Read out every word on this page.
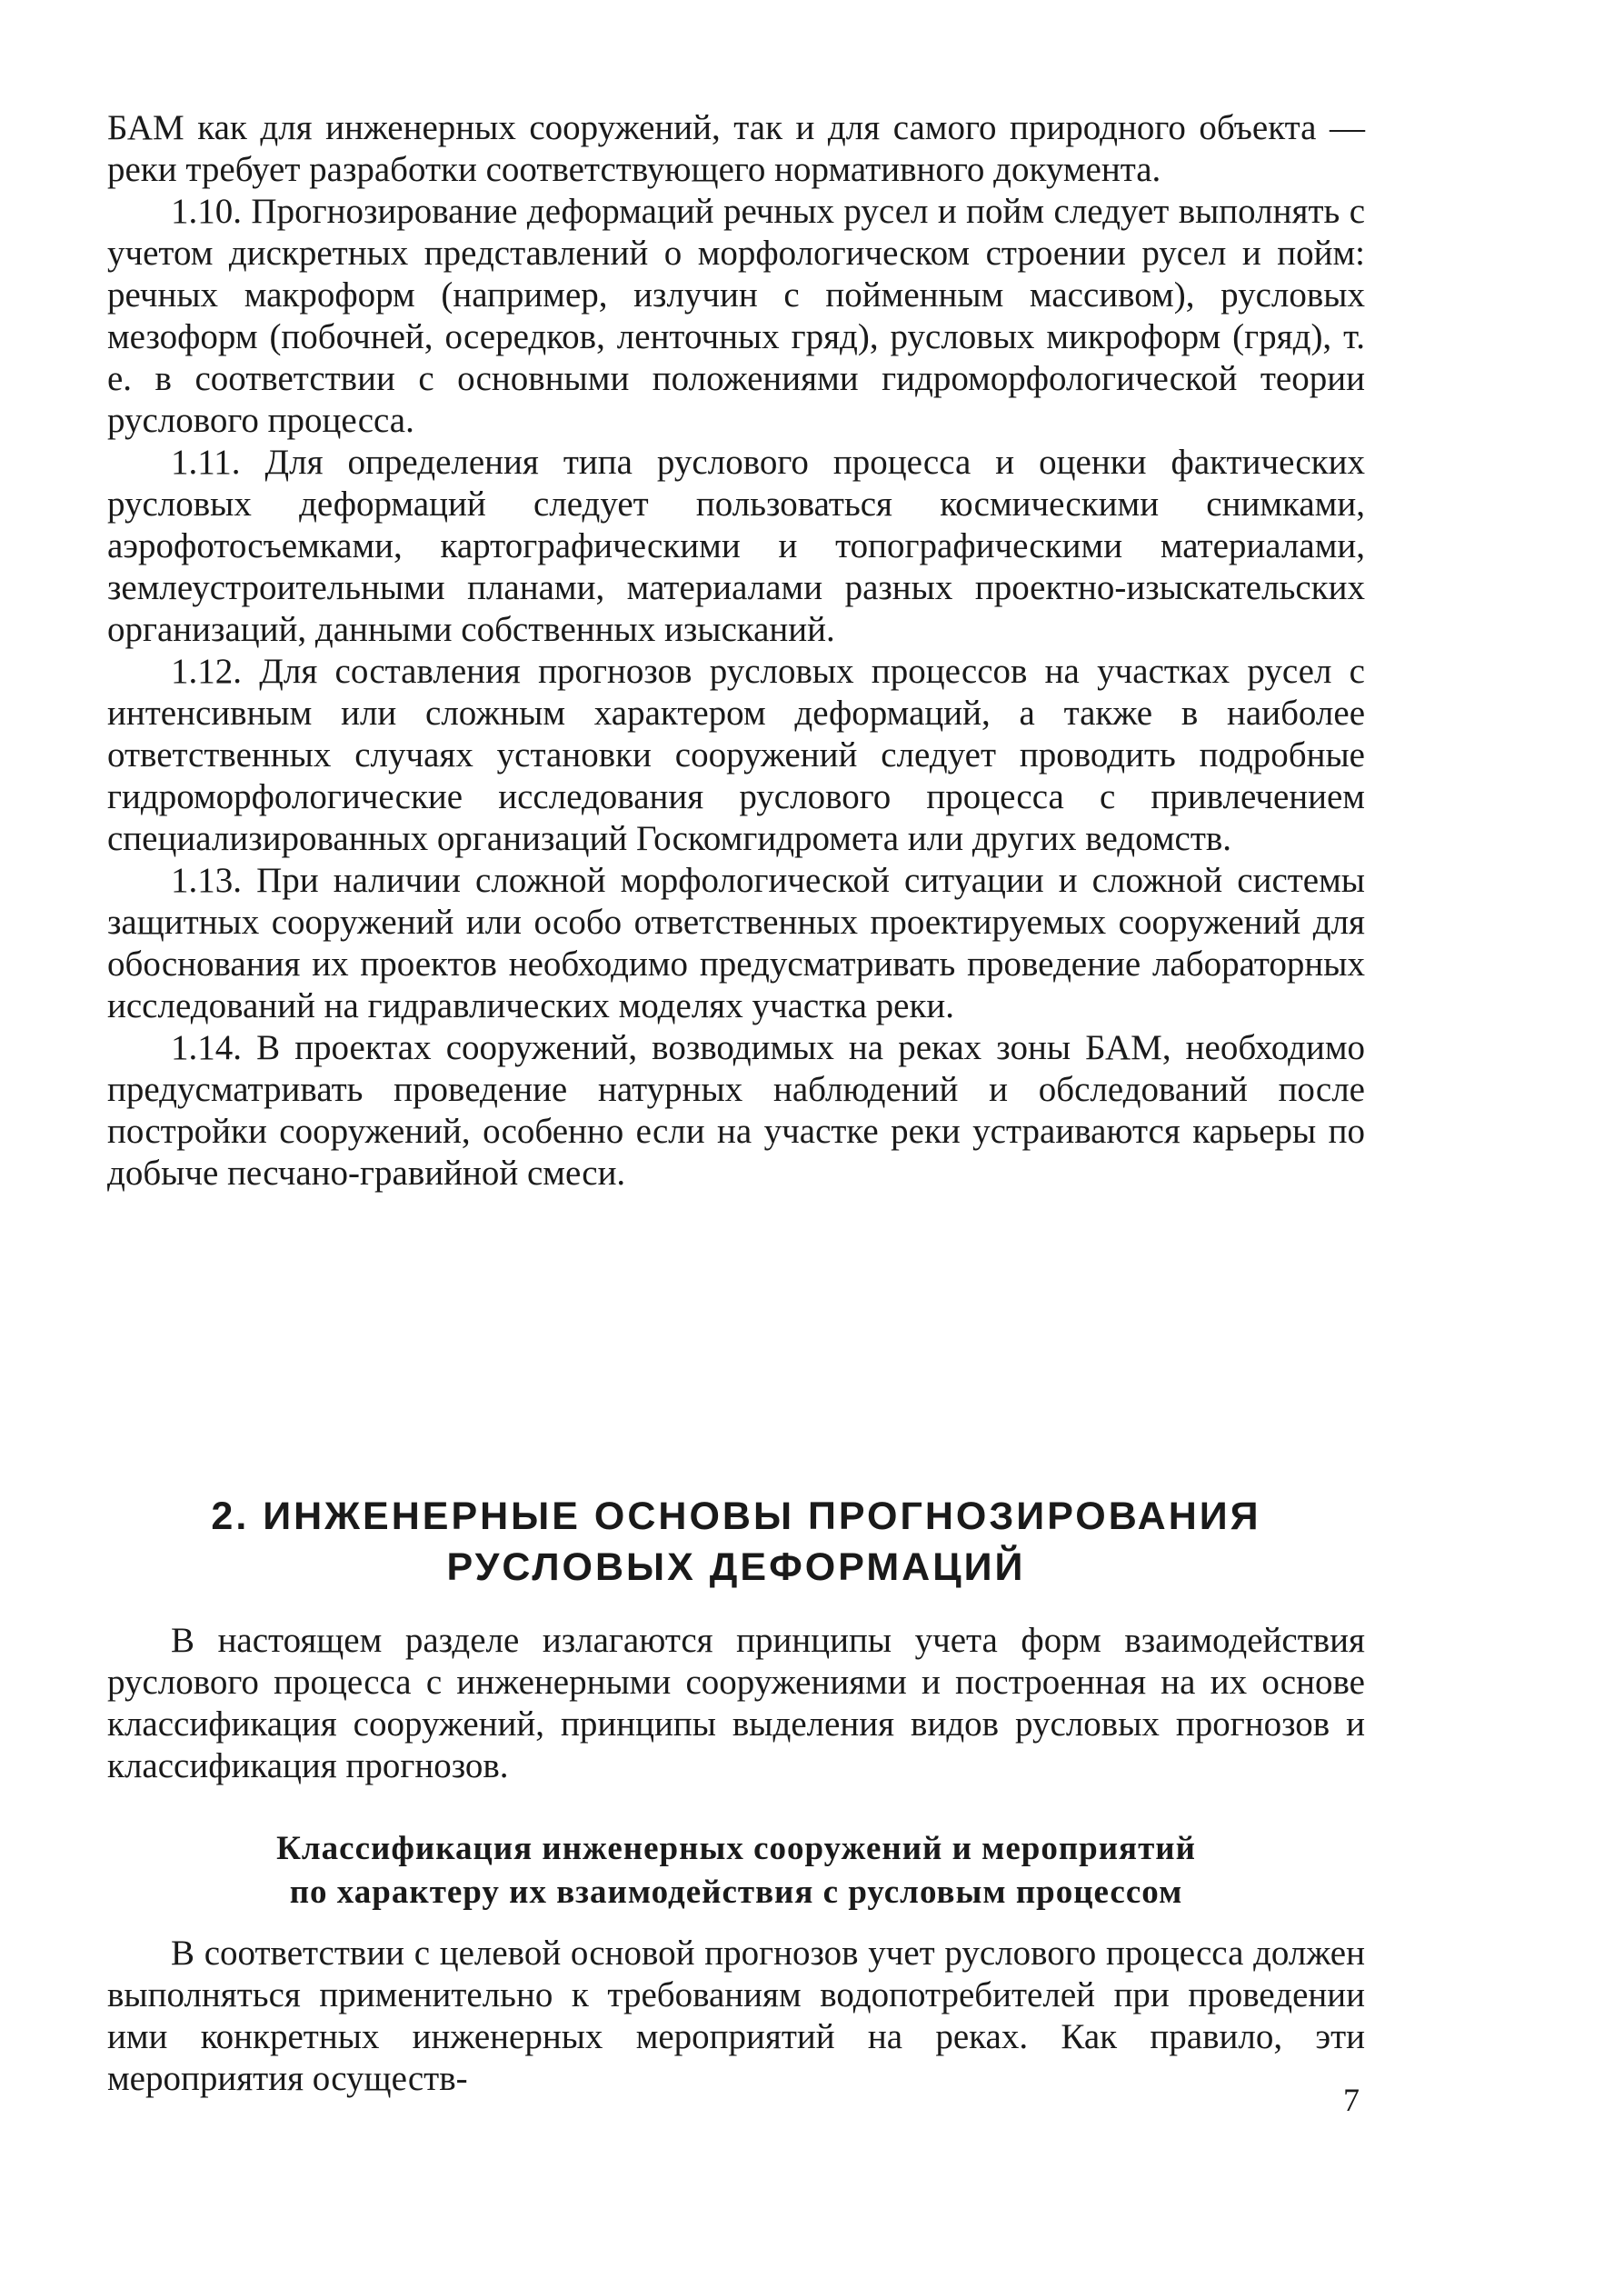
БАМ как для инженерных сооружений, так и для самого природного объекта — реки требует разработки соответствующего нормативного документа.

1.10. Прогнозирование деформаций речных русел и пойм следует выполнять с учетом дискретных представлений о морфологическом строении русел и пойм: речных макроформ (например, излучин с пойменным массивом), русловых мезоформ (побочней, осередков, ленточных гряд), русловых микроформ (гряд), т. е. в соответствии с основными положениями гидроморфологической теории руслового процесса.

1.11. Для определения типа руслового процесса и оценки фактических русловых деформаций следует пользоваться космическими снимками, аэрофотосъемками, картографическими и топографическими материалами, землеустроительными планами, материалами разных проектно-изыскательских организаций, данными собственных изысканий.

1.12. Для составления прогнозов русловых процессов на участках русел с интенсивным или сложным характером деформаций, а также в наиболее ответственных случаях установки сооружений следует проводить подробные гидроморфологические исследования руслового процесса с привлечением специализированных организаций Госкомгидромета или других ведомств.

1.13. При наличии сложной морфологической ситуации и сложной системы защитных сооружений или особо ответственных проектируемых сооружений для обоснования их проектов необходимо предусматривать проведение лабораторных исследований на гидравлических моделях участка реки.

1.14. В проектах сооружений, возводимых на реках зоны БАМ, необходимо предусматривать проведение натурных наблюдений и обследований после постройки сооружений, особенно если на участке реки устраиваются карьеры по добыче песчано-гравийной смеси.

2. ИНЖЕНЕРНЫЕ ОСНОВЫ ПРОГНОЗИРОВАНИЯ
РУСЛОВЫХ ДЕФОРМАЦИЙ

В настоящем разделе излагаются принципы учета форм взаимодействия руслового процесса с инженерными сооружениями и построенная на их основе классификация сооружений, принципы выделения видов русловых прогнозов и классификация прогнозов.

Классификация инженерных сооружений и мероприятий
по характеру их взаимодействия с русловым процессом

В соответствии с целевой основой прогнозов учет руслового процесса должен выполняться применительно к требованиям водопотребителей при проведении ими конкретных инженерных мероприятий на реках. Как правило, эти мероприятия осуществ-

7
